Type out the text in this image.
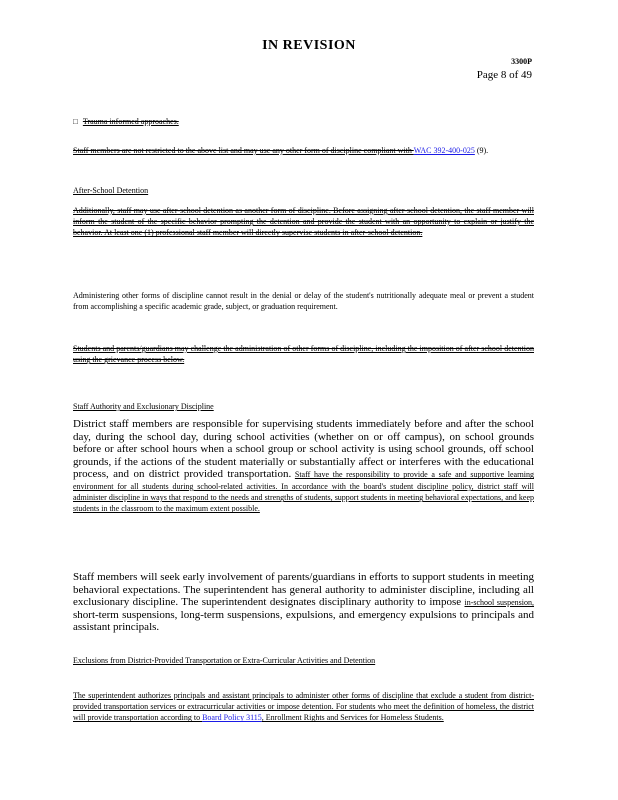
IN REVISION
3300P
Page 8 of 49
□ Trauma informed approaches.
Staff members are not restricted to the above list and may use any other form of discipline compliant with WAC 392-400-025 (9).
After-School Detention
Additionally, staff may use after-school detention as another form of discipline. Before assigning after-school detention, the staff member will inform the student of the specific behavior prompting the detention and provide the student with an opportunity to explain or justify the behavior. At least one (1) professional staff member will directly supervise students in after-school detention.
Administering other forms of discipline cannot result in the denial or delay of the student's nutritionally adequate meal or prevent a student from accomplishing a specific academic grade, subject, or graduation requirement.
Students and parents/guardians may challenge the administration of other forms of discipline, including the imposition of after school detention using the grievance process below.
Staff Authority and Exclusionary Discipline
District staff members are responsible for supervising students immediately before and after the school day, during the school day, during school activities (whether on or off campus), on school grounds before or after school hours when a school group or school activity is using school grounds, off school grounds, if the actions of the student materially or substantially affect or interferes with the educational process, and on district provided transportation. Staff have the responsibility to provide a safe and supportive learning environment for all students during school-related activities. In accordance with the board's student discipline policy, district staff will administer discipline in ways that respond to the needs and strengths of students, support students in meeting behavioral expectations, and keep students in the classroom to the maximum extent possible.
Staff members will seek early involvement of parents/guardians in efforts to support students in meeting behavioral expectations. The superintendent has general authority to administer discipline, including all exclusionary discipline. The superintendent designates disciplinary authority to impose in-school suspension, short-term suspensions, long-term suspensions, expulsions, and emergency expulsions to principals and assistant principals.
Exclusions from District-Provided Transportation or Extra-Curricular Activities and Detention
The superintendent authorizes principals and assistant principals to administer other forms of discipline that exclude a student from district-provided transportation services or extracurricular activities or impose detention. For students who meet the definition of homeless, the district will provide transportation according to Board Policy 3115, Enrollment Rights and Services for Homeless Students.
